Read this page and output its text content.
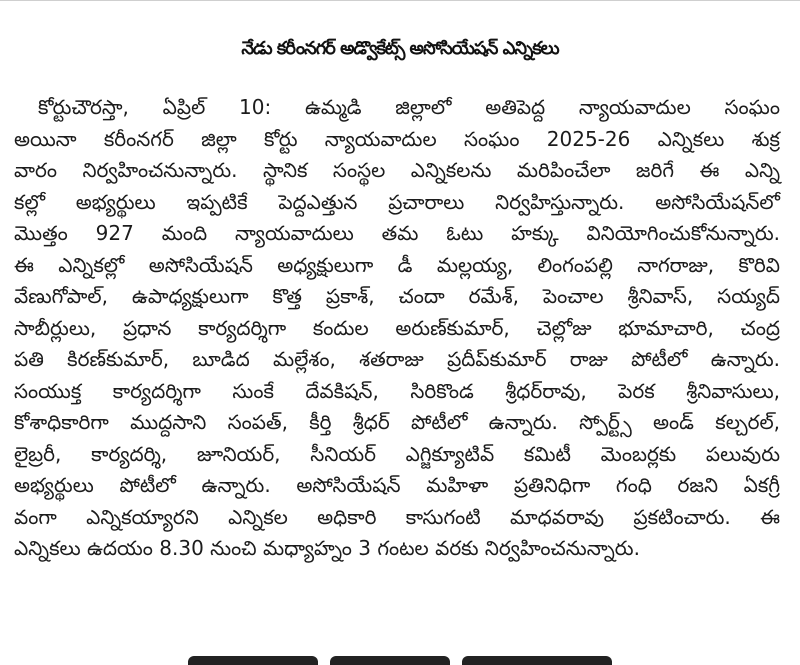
నేడు కరీంనగర్ అడ్వొకేట్స్ అసోసియేషన్ ఎన్నికలు
కోర్టుచౌరస్తా, ఏప్రిల్ 10: ఉమ్మడి జిల్లాలో అతిపెద్ద న్యాయవాదుల సంఘం
అయినా కరీంనగర్ జిల్లా కోర్టు న్యాయవాదుల సంఘం 2025-26 ఎన్నికలు శుక్ర
వారం నిర్వహించనున్నారు. స్థానిక సంస్థల ఎన్నికలను మరిపించేలా జరిగే ఈ ఎన్ని
కల్లో అభ్యర్థులు ఇప్పటికే పెద్దఎత్తున ప్రచారాలు నిర్వహిస్తున్నారు. అసోసియేషన్‌లో
మొత్తం 927 మంది న్యాయవాదులు తమ ఓటు హక్కు వినియోగించుకోనున్నారు.
ఈ ఎన్నికల్లో అసోసియేషన్ అధ్యక్షులుగా డీ మల్లయ్య, లింగంపల్లి నాగరాజు, కొరివి
వేణుగోపాల్, ఉపాధ్యక్షులుగా కొత్త ప్రకాశ్, చందా రమేశ్, పెంచాల శ్రీనివాస్, సయ్యద్
సాబీర్లులు, ప్రధాన కార్యదర్శిగా కందుల అరుణ్‌కుమార్, చెల్లోజు భూమాచారి, చంద్ర
పతి కిరణ్‌కుమార్, బూడిద మల్లేశం, శతరాజు ప్రదీప్‌కుమార్ రాజు పోటీలో ఉన్నారు.
సంయుక్త కార్యదర్శిగా సుంకే దేవకిషన్, సిరికొండ శ్రీధర్‌రావు, పెరక శ్రీనివాసులు,
కోశాధికారిగా ముద్దసాని సంపత్, కీర్తి శ్రీధర్ పోటీలో ఉన్నారు. స్పోర్ట్స్ అండ్ కల్చరల్,
లైబ్రరీ, కార్యదర్శి, జూనియర్, సీనియర్ ఎగ్జిక్యూటివ్ కమిటీ మెంబర్లకు పలువురు
అభ్యర్థులు పోటీలో ఉన్నారు. అసోసియేషన్ మహిళా ప్రతినిధిగా గంధి రజని ఏకగ్రీ
వంగా ఎన్నికయ్యారని ఎన్నికల అధికారి కాసుగంటి మాధవరావు ప్రకటించారు. ఈ
ఎన్నికలు ఉదయం 8.30 నుంచి మధ్యాహ్నం 3 గంటల వరకు నిర్వహించనున్నారు.
